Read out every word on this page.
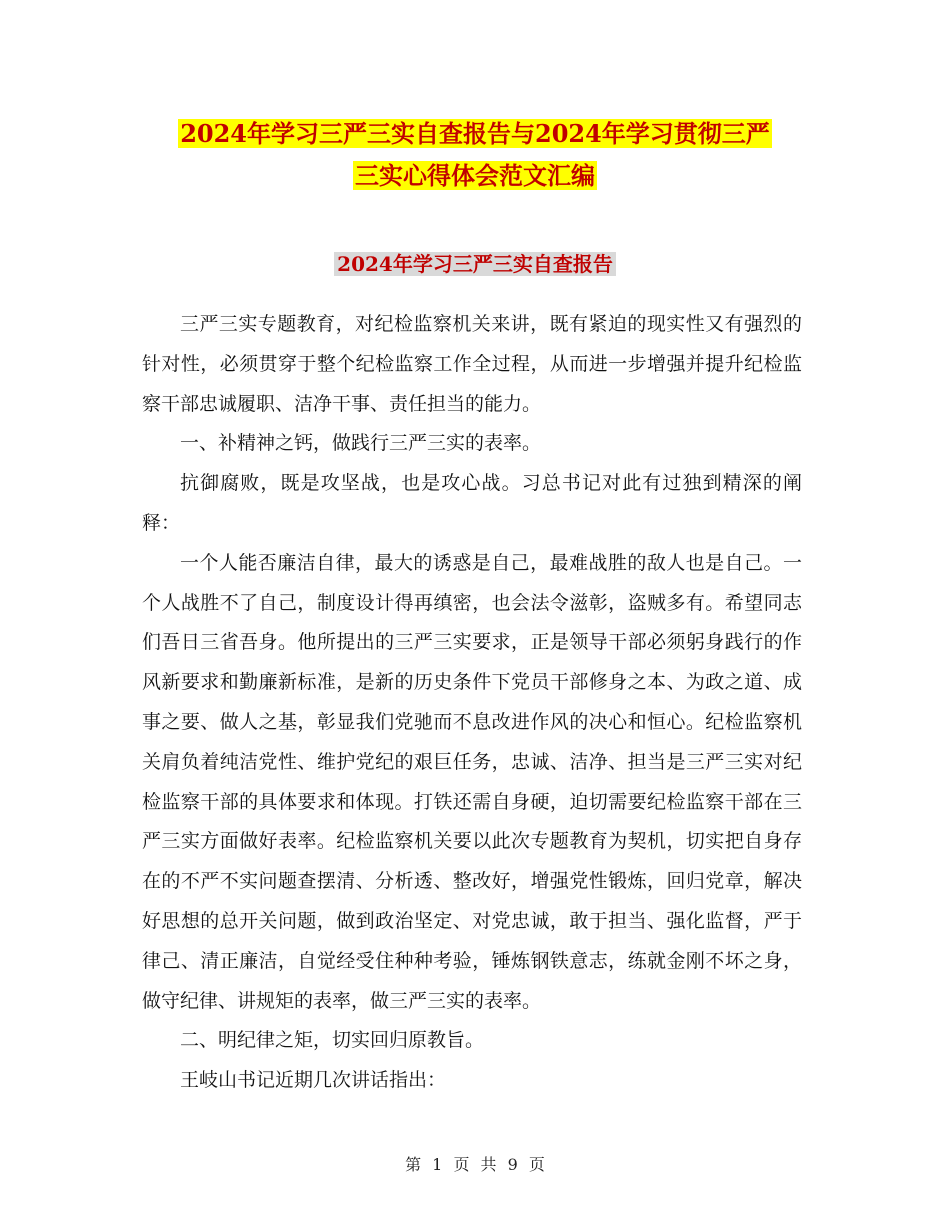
2024年学习三严三实自查报告与2024年学习贯彻三严
三实心得体会范文汇编
2024年学习三严三实自查报告

三严三实专题教育，对纪检监察机关来讲，既有紧迫的现实性又有强烈的针对性，必须贯穿于整个纪检监察工作全过程，从而进一步增强并提升纪检监察干部忠诚履职、洁净干事、责任担当的能力。

一、补精神之钙，做践行三严三实的表率。

抗御腐败，既是攻坚战，也是攻心战。习总书记对此有过独到精深的阐释：

一个人能否廉洁自律，最大的诱惑是自己，最难战胜的敌人也是自己。一个人战胜不了自己，制度设计得再缜密，也会法令滋彰，盗贼多有。希望同志们吾日三省吾身。他所提出的三严三实要求，正是领导干部必须躬身践行的作风新要求和勤廉新标准，是新的历史条件下党员干部修身之本、为政之道、成事之要、做人之基，彰显我们党驰而不息改进作风的决心和恒心。纪检监察机关肩负着纯洁党性、维护党纪的艰巨任务，忠诚、洁净、担当是三严三实对纪检监察干部的具体要求和体现。打铁还需自身硬，迫切需要纪检监察干部在三严三实方面做好表率。纪检监察机关要以此次专题教育为契机，切实把自身存在的不严不实问题查摆清、分析透、整改好，增强党性锻炼，回归党章，解决好思想的总开关问题，做到政治坚定、对党忠诚，敢于担当、强化监督，严于律己、清正廉洁，自觉经受住种种考验，锤炼钢铁意志，练就金刚不坏之身，做守纪律、讲规矩的表率，做三严三实的表率。

二、明纪律之矩，切实回归原教旨。

王岐山书记近期几次讲话指出：

第 1 页 共 9 页
